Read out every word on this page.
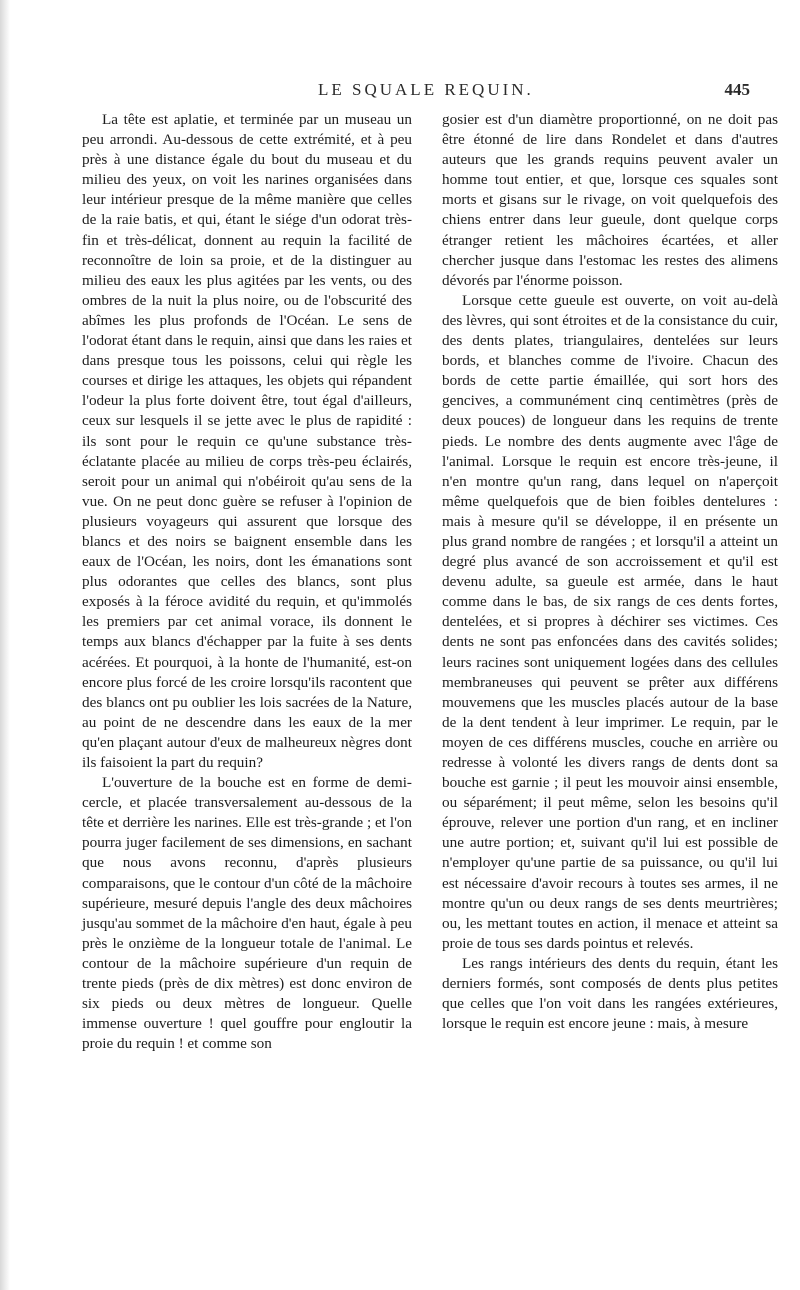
LE SQUALE REQUIN.	445

La tête est aplatie, et terminée par un museau un peu arrondi. Au-dessous de cette extrémité, et à peu près à une distance égale du bout du museau et du milieu des yeux, on voit les narines organisées dans leur intérieur presque de la même manière que celles de la raie batis, et qui, étant le siége d'un odorat très-fin et très-délicat, donnent au requin la facilité de reconnoître de loin sa proie, et de la distinguer au milieu des eaux les plus agitées par les vents, ou des ombres de la nuit la plus noire, ou de l'obscurité des abîmes les plus profonds de l'Océan. Le sens de l'odorat étant dans le requin, ainsi que dans les raies et dans presque tous les poissons, celui qui règle les courses et dirige les attaques, les objets qui répandent l'odeur la plus forte doivent être, tout égal d'ailleurs, ceux sur lesquels il se jette avec le plus de rapidité : ils sont pour le requin ce qu'une substance très-éclatante placée au milieu de corps très-peu éclairés, seroit pour un animal qui n'obéiroit qu'au sens de la vue. On ne peut donc guère se refuser à l'opinion de plusieurs voyageurs qui assurent que lorsque des blancs et des noirs se baignent ensemble dans les eaux de l'Océan, les noirs, dont les émanations sont plus odorantes que celles des blancs, sont plus exposés à la féroce avidité du requin, et qu'immolés les premiers par cet animal vorace, ils donnent le temps aux blancs d'échapper par la fuite à ses dents acérées. Et pourquoi, à la honte de l'humanité, est-on encore plus forcé de les croire lorsqu'ils racontent que des blancs ont pu oublier les lois sacrées de la Nature, au point de ne descendre dans les eaux de la mer qu'en plaçant autour d'eux de malheureux nègres dont ils faisoient la part du requin?

L'ouverture de la bouche est en forme de demi-cercle, et placée transversalement au-dessous de la tête et derrière les narines. Elle est très-grande ; et l'on pourra juger facilement de ses dimensions, en sachant que nous avons reconnu, d'après plusieurs comparaisons, que le contour d'un côté de la mâchoire supérieure, mesuré depuis l'angle des deux mâchoires jusqu'au sommet de la mâchoire d'en haut, égale à peu près le onzième de la longueur totale de l'animal. Le contour de la mâchoire supérieure d'un requin de trente pieds (près de dix mètres) est donc environ de six pieds ou deux mètres de longueur. Quelle immense ouverture ! quel gouffre pour engloutir la proie du requin ! et comme son

gosier est d'un diamètre proportionné, on ne doit pas être étonné de lire dans Rondelet et dans d'autres auteurs que les grands requins peuvent avaler un homme tout entier, et que, lorsque ces squales sont morts et gisans sur le rivage, on voit quelquefois des chiens entrer dans leur gueule, dont quelque corps étranger retient les mâchoires écartées, et aller chercher jusque dans l'estomac les restes des alimens dévorés par l'énorme poisson.

Lorsque cette gueule est ouverte, on voit au-delà des lèvres, qui sont étroites et de la consistance du cuir, des dents plates, triangulaires, dentelées sur leurs bords, et blanches comme de l'ivoire. Chacun des bords de cette partie émaillée, qui sort hors des gencives, a communément cinq centimètres (près de deux pouces) de longueur dans les requins de trente pieds. Le nombre des dents augmente avec l'âge de l'animal. Lorsque le requin est encore très-jeune, il n'en montre qu'un rang, dans lequel on n'aperçoit même quelquefois que de bien foibles dentelures : mais à mesure qu'il se développe, il en présente un plus grand nombre de rangées ; et lorsqu'il a atteint un degré plus avancé de son accroissement et qu'il est devenu adulte, sa gueule est armée, dans le haut comme dans le bas, de six rangs de ces dents fortes, dentelées, et si propres à déchirer ses victimes. Ces dents ne sont pas enfoncées dans des cavités solides; leurs racines sont uniquement logées dans des cellules membraneuses qui peuvent se prêter aux différens mouvemens que les muscles placés autour de la base de la dent tendent à leur imprimer. Le requin, par le moyen de ces différens muscles, couche en arrière ou redresse à volonté les divers rangs de dents dont sa bouche est garnie ; il peut les mouvoir ainsi ensemble, ou séparément; il peut même, selon les besoins qu'il éprouve, relever une portion d'un rang, et en incliner une autre portion; et, suivant qu'il lui est possible de n'employer qu'une partie de sa puissance, ou qu'il lui est nécessaire d'avoir recours à toutes ses armes, il ne montre qu'un ou deux rangs de ses dents meurtrières; ou, les mettant toutes en action, il menace et atteint sa proie de tous ses dards pointus et relevés.

Les rangs intérieurs des dents du requin, étant les derniers formés, sont composés de dents plus petites que celles que l'on voit dans les rangées extérieures, lorsque le requin est encore jeune : mais, à mesure
